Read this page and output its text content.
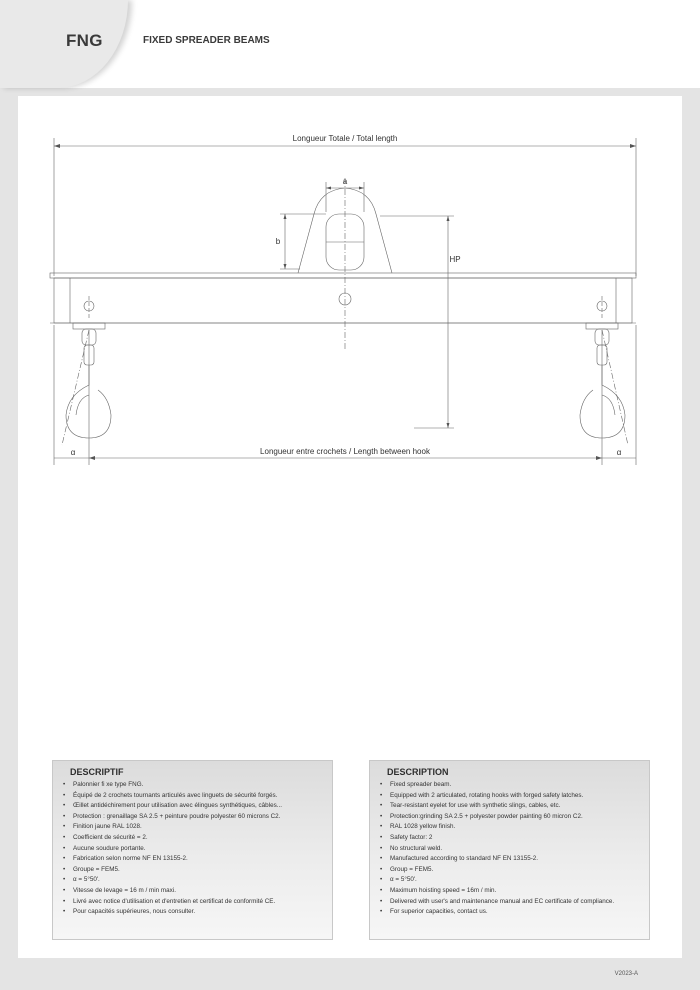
FNG	FIXED SPREADER BEAMS
Longueur Totale / Total length
a
b
HP
Longueur entre crochets / Length between hook
α	α
DESCRIPTIF
• Palonnier fi xe type FNG.
• Équipé de 2 crochets tournants articulés avec linguets de sécurité forgés.
• Œillet antidéchirement pour utilisation avec élingues synthétiques, câbles...
• Protection : grenaillage SA 2.5 + peinture poudre polyester 60 microns C2.
• Finition jaune RAL 1028.
• Coefficient de sécurité = 2.
• Aucune soudure portante.
• Fabrication selon norme NF EN 13155-2.
• Groupe = FEM5.
• α = 5°50'.
• Vitesse de levage = 16 m / min maxi.
• Livré avec notice d'utilisation et d'entretien et certificat de conformité CE.
• Pour capacités supérieures, nous consulter.
DESCRIPTION
• Fixed spreader beam.
• Equipped with 2 articulated, rotating hooks with forged safety latches.
• Tear-resistant eyelet for use with synthetic slings, cables, etc.
• Protection:grinding SA 2.5 + polyester powder painting 60 micron C2.
• RAL 1028 yellow finish.
• Safety factor: 2
• No structural weld.
• Manufactured according to standard NF EN 13155-2.
• Group = FEM5.
• α = 5°50'.
• Maximum hoisting speed = 16m / min.
• Delivered with user's and maintenance manual and EC certificate of compliance.
• For superior capacities, contact us.
V2023-A
